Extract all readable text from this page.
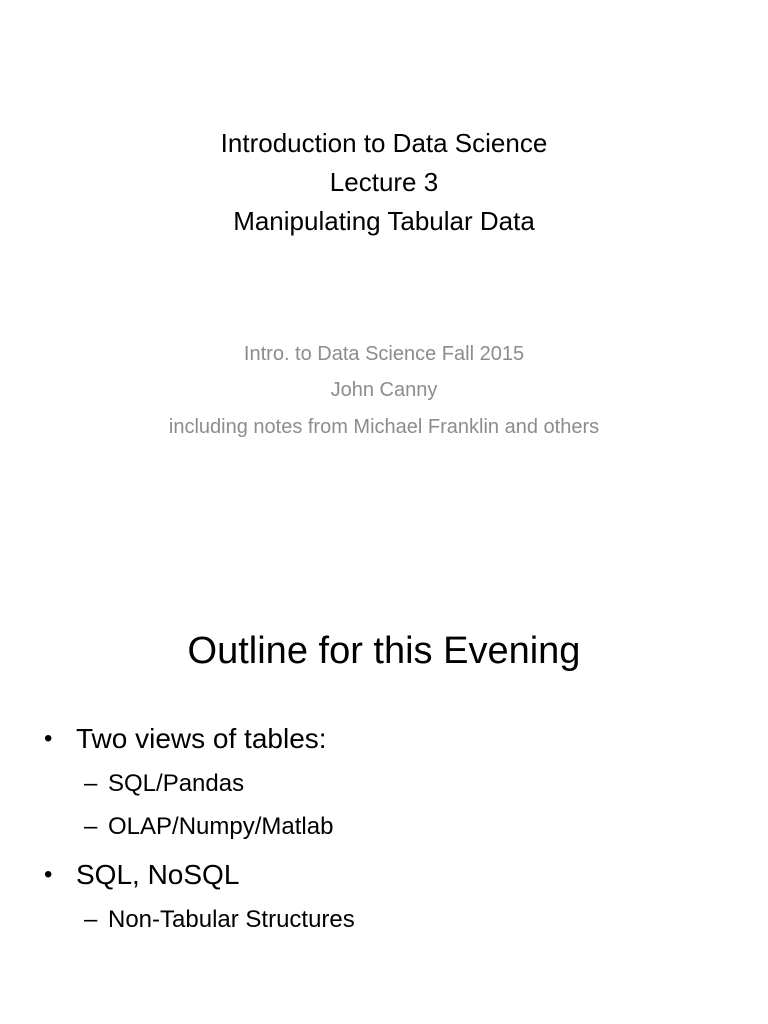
Introduction to Data Science
Lecture 3
Manipulating Tabular Data
Intro. to Data Science Fall 2015
John Canny
including notes from Michael Franklin and others
Outline for this Evening
• Two views of tables:
– SQL/Pandas
– OLAP/Numpy/Matlab
• SQL, NoSQL
– Non-Tabular Structures
